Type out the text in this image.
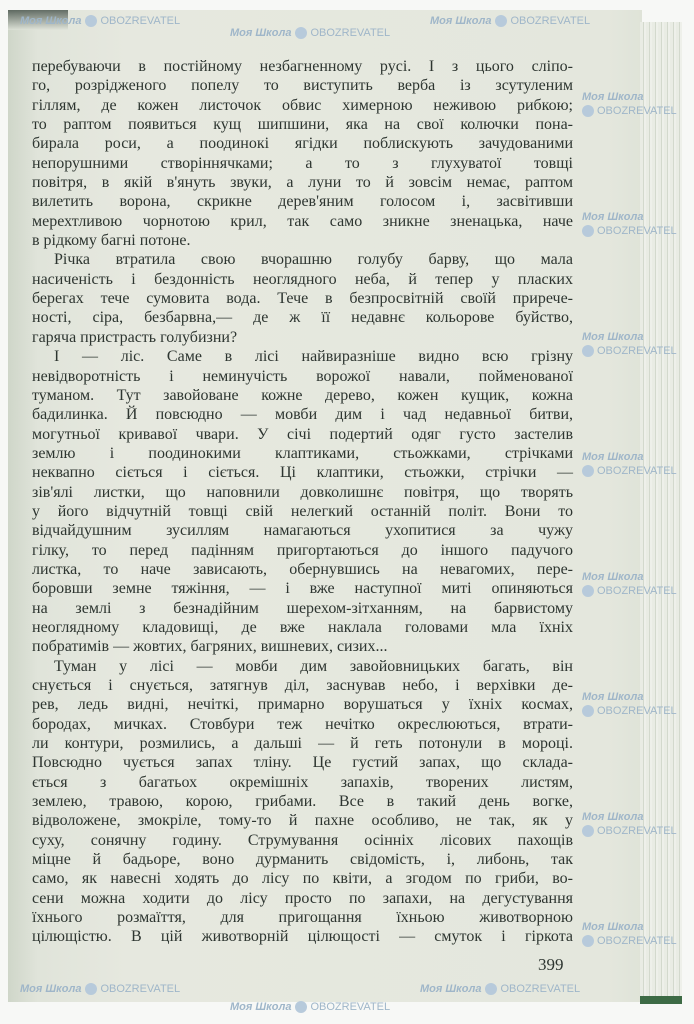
Моя Школа OBOZREVATEL
Моя Школа OBOZREVATEL
Моя Школа OBOZREVATEL
Моя Школа
OBOZREVATEL
Моя Школа
OBOZREVATEL
Моя Школа
OBOZREVATEL
Моя Школа
OBOZREVATEL
Моя Школа
OBOZREVATEL
Моя Школа
OBOZREVATEL
Моя Школа
OBOZREVATEL
Моя Школа
OBOZREVATEL
Моя Школа OBOZREVATEL
Моя Школа OBOZREVATEL
Моя Школа OBOZREVATEL
перебуваючи в постійному незбагненному русі. І з цього сліпо-
го, розрідженого попелу то виступить верба із зсутуленим
гіллям, де кожен листочок обвис химерною неживою рибкою;
то раптом появиться кущ шипшини, яка на свої колючки пона-
бирала роси, а поодинокі ягідки поблискують зачудованими
непорушними створіннячками; а то з глухуватої товщі
повітря, в якій в'януть звуки, а луни то й зовсім немає, раптом
вилетить ворона, скрикне дерев'яним голосом і, засвітивши
мерехтливою чорнотою крил, так само зникне зненацька, наче
в рідкому багні потоне.
Річка втратила свою вчорашню голубу барву, що мала
насиченість і бездонність неоглядного неба, й тепер у пласких
берегах тече сумовита вода. Тече в безпросвітній своїй прирече-
ності, сіра, безбарвна,— де ж її недавнє кольорове буйство,
гаряча пристрасть голубизни?
І — ліс. Саме в лісі найвиразніше видно всю грізну
невідворотність і неминучість ворожої навали, пойменованої
туманом. Тут завойоване кожне дерево, кожен кущик, кожна
бадилинка. Й повсюдно — мовби дим і чад недавньої битви,
могутньої кривавої чвари. У січі подертий одяг густо застелив
землю і поодинокими клаптиками, стьожками, стрічками
неквапно сіється і сіється. Ці клаптики, стьожки, стрічки —
зів'ялі листки, що наповнили довколишнє повітря, що творять
у його відчутній товщі свій нелегкий останній політ. Вони то
відчайдушним зусиллям намагаються ухопитися за чужу
гілку, то перед падінням пригортаються до іншого падучого
листка, то наче зависають, обернувшись на невагомих, пере-
боровши земне тяжіння, — і вже наступної миті опиняються
на землі з безнадійним шерехом-зітханням, на барвистому
неоглядному кладовищі, де вже наклала головами мла їхніх
побратимів — жовтих, багряних, вишневих, сизих...
Туман у лісі — мовби дим завойовницьких багать, він
снується і снується, затягнув діл, заснував небо, і верхівки де-
рев, ледь видні, нечіткі, примарно ворушаться у їхніх космах,
бородах, мичках. Стовбури теж нечітко окреслюються, втрати-
ли контури, розмились, а дальші — й геть потонули в мороці.
Повсюдно чується запах тліну. Це густий запах, що склада-
ється з багатьох окремішніх запахів, творених листям,
землею, травою, корою, грибами. Все в такий день вогке,
відволожене, змокріле, тому-то й пахне особливо, не так, як у
суху, сонячну годину. Струмування осінніх лісових пахощів
міцне й бадьоре, воно дурманить свідомість, і, либонь, так
само, як навесні ходять до лісу по квіти, а згодом по гриби, во-
сени можна ходити до лісу просто по запахи, на дегустування
їхнього розмаїття, для пригощання їхньою животворною
цілющістю. В цій животворній цілющості — смуток і гіркота
399
